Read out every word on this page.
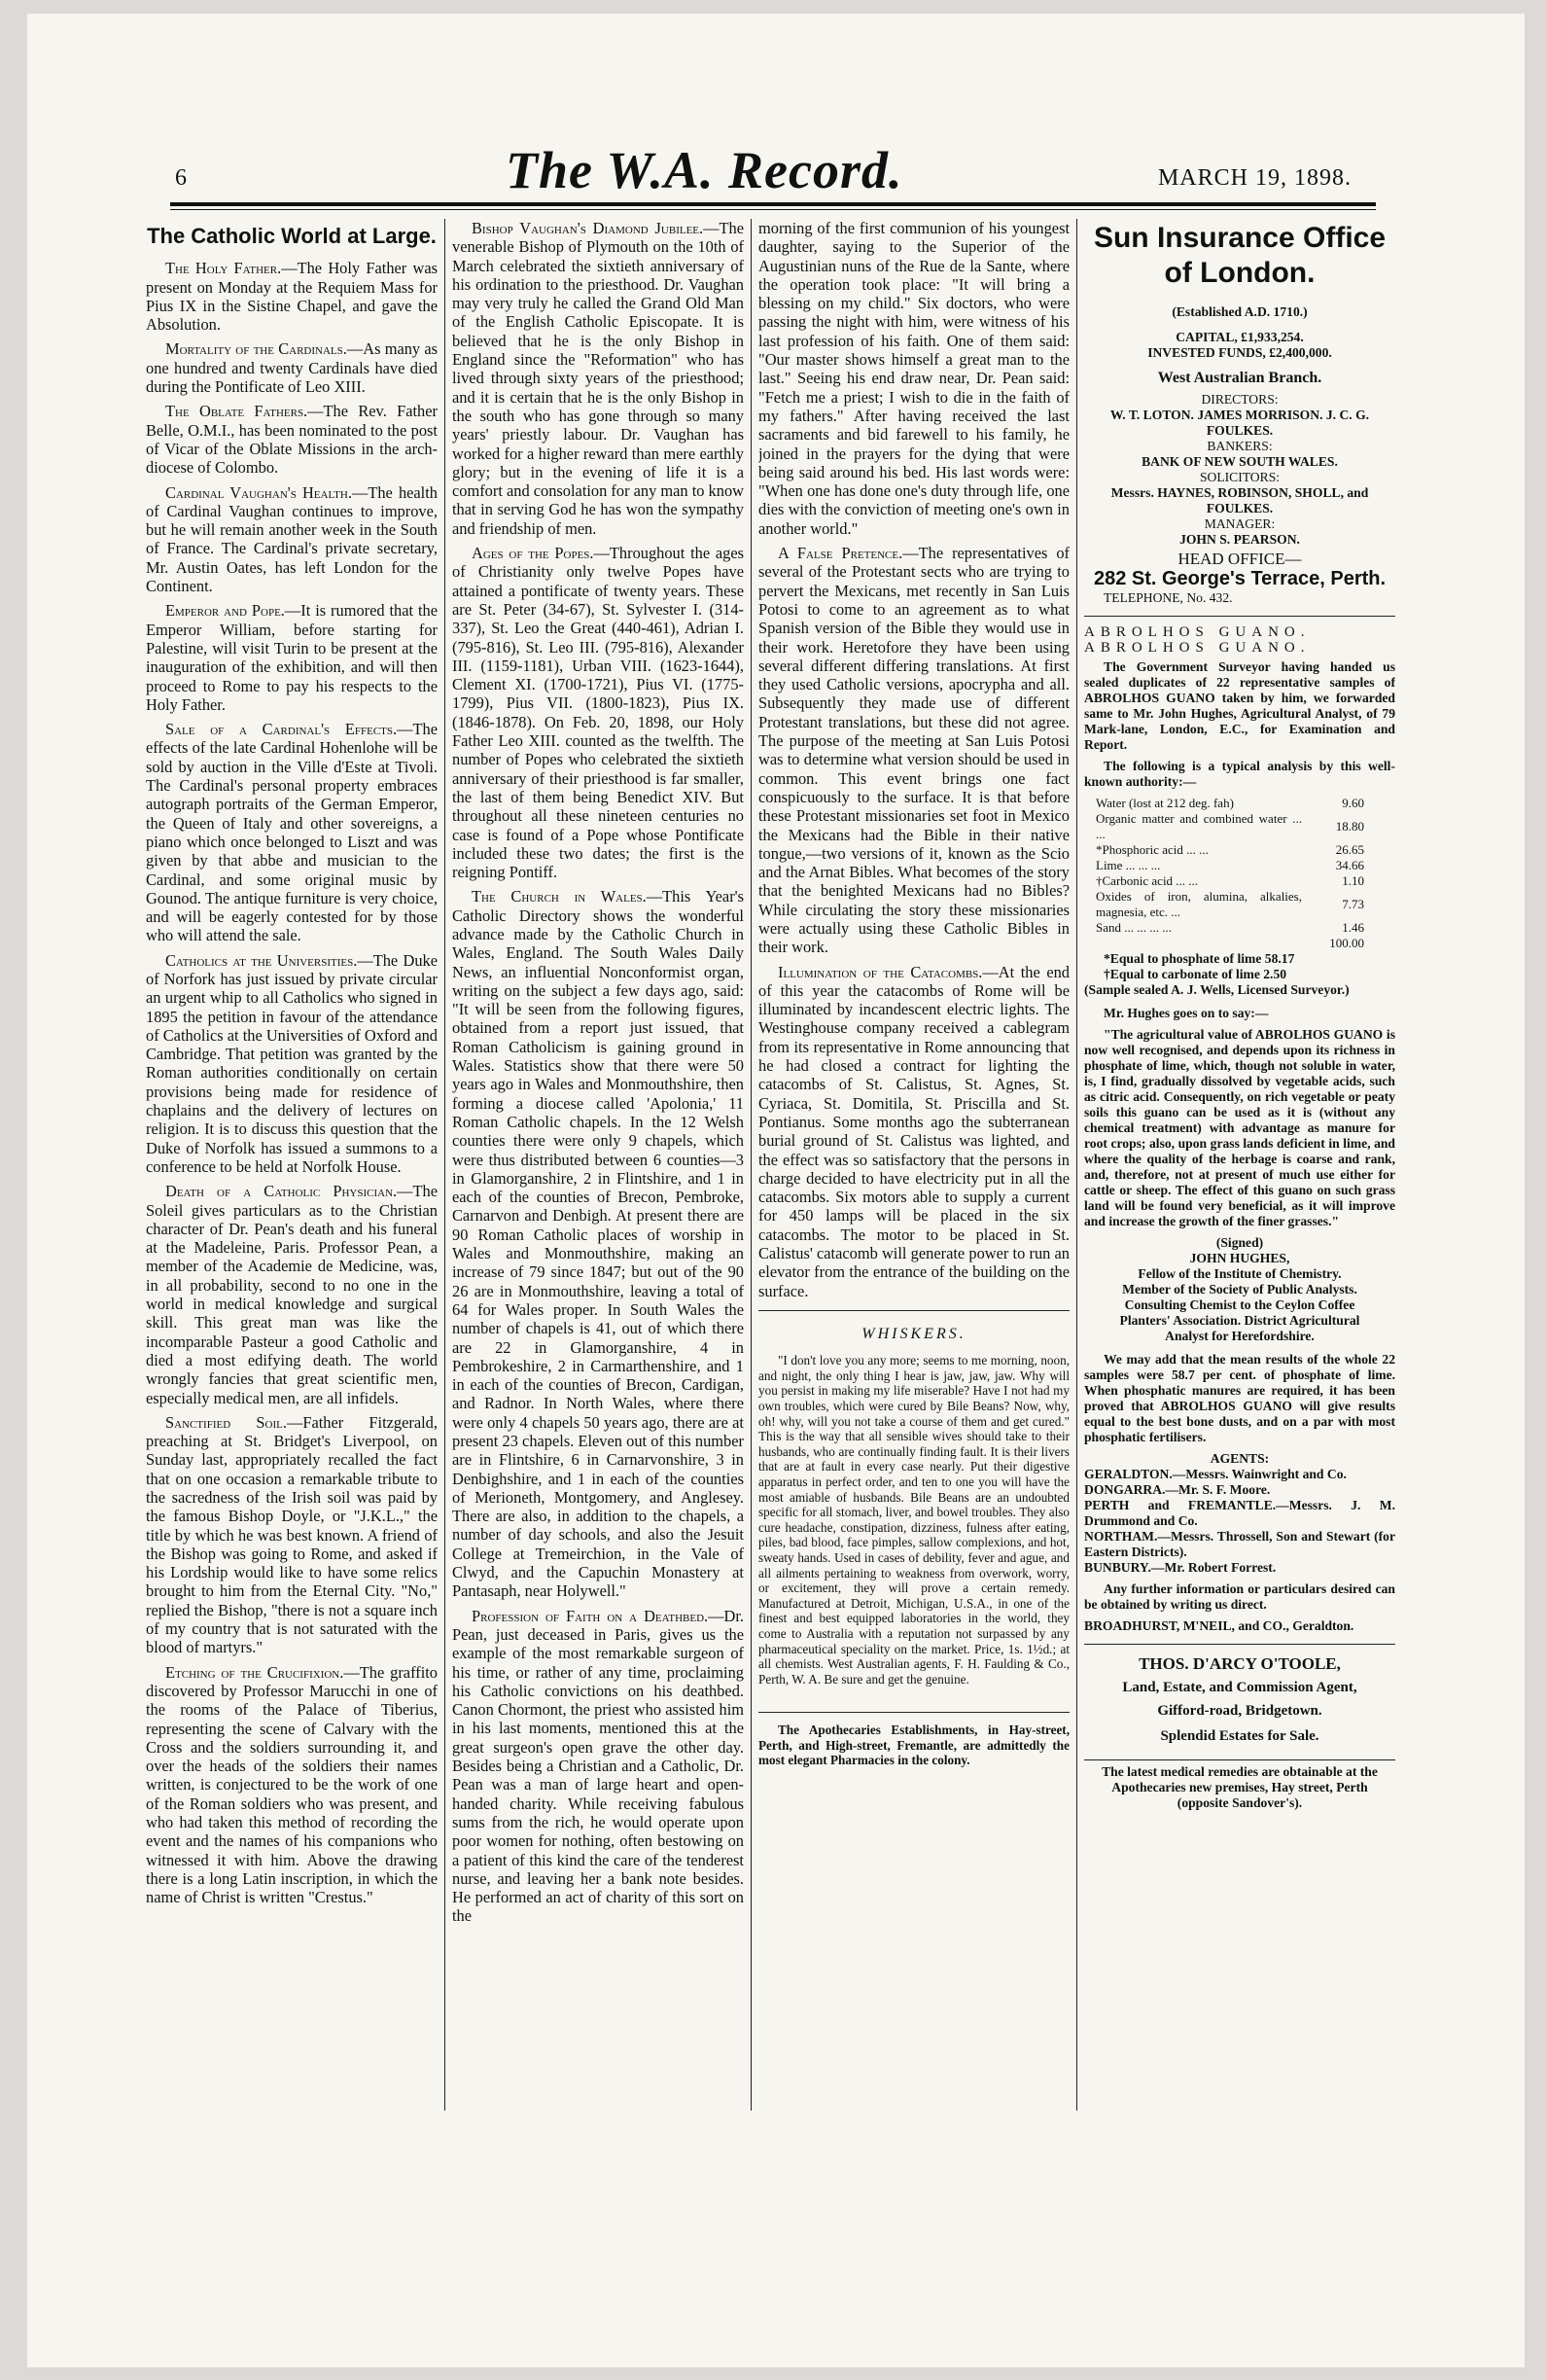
6	The W.A. Record.	MARCH 19, 1898.
The Catholic World at Large.

The Holy Father.—The Holy Father was present on Monday at the Requiem Mass for Pius IX in the Sistine Chapel, and gave the Absolution.

Mortality of the Cardinals.—As many as one hundred and twenty Cardinals have died during the Pontificate of Leo XIII.

The Oblate Fathers.—The Rev. Father Belle, O.M.I., has been nominated to the post of Vicar of the Oblate Missions in the arch-diocese of Colombo.

Cardinal Vaughan's Health.—The health of Cardinal Vaughan continues to improve, but he will remain another week in the South of France. The Cardinal's private secretary, Mr. Austin Oates, has left London for the Continent.

Emperor and Pope.—It is rumored that the Emperor William, before starting for Palestine, will visit Turin to be present at the inauguration of the exhibition, and will then proceed to Rome to pay his respects to the Holy Father.

Sale of a Cardinal's Effects.—The effects of the late Cardinal Hohenlohe will be sold by auction in the Ville d'Este at Tivoli. The Cardinal's personal property embraces autograph portraits of the German Emperor, the Queen of Italy and other sovereigns, a piano which once belonged to Liszt and was given by that abbe and musician to the Cardinal, and some original music by Gounod. The antique furniture is very choice, and will be eagerly contested for by those who will attend the sale.

Catholics at the Universities.—The Duke of Norfork has just issued by private circular an urgent whip to all Catholics who signed in 1895 the petition in favour of the attendance of Catholics at the Universities of Oxford and Cambridge. That petition was granted by the Roman authorities conditionally on certain provisions being made for residence of chaplains and the delivery of lectures on religion. It is to discuss this question that the Duke of Norfolk has issued a summons to a conference to be held at Norfolk House.

Death of a Catholic Physician.—The Soleil gives particulars as to the Christian character of Dr. Pean's death and his funeral at the Madeleine, Paris. Professor Pean, a member of the Academie de Medicine, was, in all probability, second to no one in the world in medical knowledge and surgical skill. This great man was like the incomparable Pasteur a good Catholic and died a most edifying death. The world wrongly fancies that great scientific men, especially medical men, are all infidels.

Sanctified Soil.—Father Fitzgerald, preaching at St. Bridget's Liverpool, on Sunday last, appropriately recalled the fact that on one occasion a remarkable tribute to the sacredness of the Irish soil was paid by the famous Bishop Doyle, or "J.K.L.," the title by which he was best known. A friend of the Bishop was going to Rome, and asked if his Lordship would like to have some relics brought to him from the Eternal City. "No," replied the Bishop, "there is not a square inch of my country that is not saturated with the blood of martyrs."

Etching of the Crucifixion.—The graffito discovered by Professor Marucchi in one of the rooms of the Palace of Tiberius, representing the scene of Calvary with the Cross and the soldiers surrounding it, and over the heads of the soldiers their names written, is conjectured to be the work of one of the Roman soldiers who was present, and who had taken this method of recording the event and the names of his companions who witnessed it with him. Above the drawing there is a long Latin inscription, in which the name of Christ is written "Crestus."

Bishop Vaughan's Diamond Jubilee.—The venerable Bishop of Plymouth on the 10th of March celebrated the sixtieth anniversary of his ordination to the priesthood. Dr. Vaughan may very truly he called the Grand Old Man of the English Catholic Episcopate. It is believed that he is the only Bishop in England since the "Reformation" who has lived through sixty years of the priesthood; and it is certain that he is the only Bishop in the south who has gone through so many years' priestly labour. Dr. Vaughan has worked for a higher reward than mere earthly glory; but in the evening of life it is a comfort and consolation for any man to know that in serving God he has won the sympathy and friendship of men.

Ages of the Popes.—Throughout the ages of Christianity only twelve Popes have attained a pontificate of twenty years. These are St. Peter (34-67), St. Sylvester I. (314-337), St. Leo the Great (440-461), Adrian I. (795-816), St. Leo III. (795-816), Alexander III. (1159-1181), Urban VIII. (1623-1644), Clement XI. (1700-1721), Pius VI. (1775-1799), Pius VII. (1800-1823), Pius IX. (1846-1878). On Feb. 20, 1898, our Holy Father Leo XIII. counted as the twelfth. The number of Popes who celebrated the sixtieth anniversary of their priesthood is far smaller, the last of them being Benedict XIV. But throughout all these nineteen centuries no case is found of a Pope whose Pontificate included these two dates; the first is the reigning Pontiff.

The Church in Wales.—This Year's Catholic Directory shows the wonderful advance made by the Catholic Church in Wales, England. The South Wales Daily News, an influential Nonconformist organ, writing on the subject a few days ago, said: "It will be seen from the following figures, obtained from a report just issued, that Roman Catholicism is gaining ground in Wales. Statistics show that there were 50 years ago in Wales and Monmouthshire, then forming a diocese called 'Apolonia,' 11 Roman Catholic chapels. In the 12 Welsh counties there were only 9 chapels, which were thus distributed between 6 counties—3 in Glamorganshire, 2 in Flintshire, and 1 in each of the counties of Brecon, Pembroke, Carnarvon and Denbigh. At present there are 90 Roman Catholic places of worship in Wales and Monmouthshire, making an increase of 79 since 1847; but out of the 90 26 are in Monmouthshire, leaving a total of 64 for Wales proper. In South Wales the number of chapels is 41, out of which there are 22 in Glamorganshire, 4 in Pembrokeshire, 2 in Carmarthenshire, and 1 in each of the counties of Brecon, Cardigan, and Radnor. In North Wales, where there were only 4 chapels 50 years ago, there are at present 23 chapels. Eleven out of this number are in Flintshire, 6 in Carnarvonshire, 3 in Denbighshire, and 1 in each of the counties of Merioneth, Montgomery, and Anglesey. There are also, in addition to the chapels, a number of day schools, and also the Jesuit College at Tremeirchion, in the Vale of Clwyd, and the Capuchin Monastery at Pantasaph, near Holywell."

Profession of Faith on a Deathbed.—Dr. Pean, just deceased in Paris, gives us the example of the most remarkable surgeon of his time, or rather of any time, proclaiming his Catholic convictions on his deathbed. Canon Chormont, the priest who assisted him in his last moments, mentioned this at the great surgeon's open grave the other day. Besides being a Christian and a Catholic, Dr. Pean was a man of large heart and open-handed charity. While receiving fabulous sums from the rich, he would operate upon poor women for nothing, often bestowing on a patient of this kind the care of the tenderest nurse, and leaving her a bank note besides. He performed an act of charity of this sort on the

morning of the first communion of his youngest daughter, saying to the Superior of the Augustinian nuns of the Rue de la Sante, where the operation took place: "It will bring a blessing on my child." Six doctors, who were passing the night with him, were witness of his last profession of his faith. One of them said: "Our master shows himself a great man to the last." Seeing his end draw near, Dr. Pean said: "Fetch me a priest; I wish to die in the faith of my fathers." After having received the last sacraments and bid farewell to his family, he joined in the prayers for the dying that were being said around his bed. His last words were: "When one has done one's duty through life, one dies with the conviction of meeting one's own in another world."

A False Pretence.—The representatives of several of the Protestant sects who are trying to pervert the Mexicans, met recently in San Luis Potosi to come to an agreement as to what Spanish version of the Bible they would use in their work. Heretofore they have been using several different differing translations. At first they used Catholic versions, apocrypha and all. Subsequently they made use of different Protestant translations, but these did not agree. The purpose of the meeting at San Luis Potosi was to determine what version should be used in common. This event brings one fact conspicuously to the surface. It is that before these Protestant missionaries set foot in Mexico the Mexicans had the Bible in their native tongue,—two versions of it, known as the Scio and the Arnat Bibles. What becomes of the story that the benighted Mexicans had no Bibles? While circulating the story these missionaries were actually using these Catholic Bibles in their work.

Illumination of the Catacombs.—At the end of this year the catacombs of Rome will be illuminated by incandescent electric lights. The Westinghouse company received a cablegram from its representative in Rome announcing that he had closed a contract for lighting the catacombs of St. Calistus, St. Agnes, St. Cyriaca, St. Domitila, St. Priscilla and St. Pontianus. Some months ago the subterranean burial ground of St. Calistus was lighted, and the effect was so satisfactory that the persons in charge decided to have electricity put in all the catacombs. Six motors able to supply a current for 450 lamps will be placed in the six catacombs. The motor to be placed in St. Calistus' catacomb will generate power to run an elevator from the entrance of the building on the surface.

WHISKERS.

"I don't love you any more; seems to me morning, noon, and night, the only thing I hear is jaw, jaw, jaw. Why will you persist in making my life miserable? Have I not had my own troubles, which were cured by Bile Beans? Now, why, oh! why, will you not take a course of them and get cured." This is the way that all sensible wives should take to their husbands, who are continually finding fault. It is their livers that are at fault in every case nearly. Put their digestive apparatus in perfect order, and ten to one you will have the most amiable of husbands. Bile Beans are an undoubted specific for all stomach, liver, and bowel troubles. They also cure headache, constipation, dizziness, fulness after eating, piles, bad blood, face pimples, sallow complexions, and hot, sweaty hands. Used in cases of debility, fever and ague, and all ailments pertaining to weakness from overwork, worry, or excitement, they will prove a certain remedy. Manufactured at Detroit, Michigan, U.S.A., in one of the finest and best equipped laboratories in the world, they come to Australia with a reputation not surpassed by any pharmaceutical speciality on the market. Price, 1s. 1½d.; at all chemists. West Australian agents, F. H. Faulding & Co., Perth, W. A. Be sure and get the genuine.

The Apothecaries Establishments, in Hay-street, Perth, and High-street, Fremantle, are admittedly the most elegant Pharmacies in the colony.

Sun Insurance Office of London.
(Established A.D. 1710.)
CAPITAL, £1,933,254.
INVESTED FUNDS, £2,400,000.
West Australian Branch.
DIRECTORS:
W. T. LOTON. JAMES MORRISON. J. C. G. FOULKES.
BANKERS:
BANK OF NEW SOUTH WALES.
SOLICITORS:
Messrs. HAYNES, ROBINSON, SHOLL, and FOULKES.
MANAGER:
JOHN S. PEARSON.
HEAD OFFICE—
282 St. George's Terrace, Perth.
TELEPHONE, No. 432.
ABROLHOS GUANO.
ABROLHOS GUANO.

The Government Surveyor having handed us sealed duplicates of 22 representative samples of ABROLHOS GUANO taken by him, we forwarded same to Mr. John Hughes, Agricultural Analyst, of 79 Mark-lane, London, E.C., for Examination and Report.

The following is a typical analysis by this well-known authority:—

Water (lost at 212 deg. fah)	9.60
Organic matter and combined water ... ...	18.80
*Phosphoric acid ... ...	26.65
Lime ... ... ...	34.66
†Carbonic acid ... ...	1.10
Oxides of iron, alumina, alkalies, magnesia, etc. ...	7.73
Sand ... ... ... ...	1.46
	100.00
*Equal to phosphate of lime 58.17
†Equal to carbonate of lime 2.50
(Sample sealed A. J. Wells, Licensed Surveyor.)

Mr. Hughes goes on to say:—

"The agricultural value of ABROLHOS GUANO is now well recognised, and depends upon its richness in phosphate of lime, which, though not soluble in water, is, I find, gradually dissolved by vegetable acids, such as citric acid. Consequently, on rich vegetable or peaty soils this guano can be used as it is (without any chemical treatment) with advantage as manure for root crops; also, upon grass lands deficient in lime, and where the quality of the herbage is coarse and rank, and, therefore, not at present of much use either for cattle or sheep. The effect of this guano on such grass land will be found very beneficial, as it will improve and increase the growth of the finer grasses."

(Signed)
JOHN HUGHES,
Fellow of the Institute of Chemistry. Member of the Society of Public Analysts. Consulting Chemist to the Ceylon Coffee Planters' Association. District Agricultural Analyst for Herefordshire.

We may add that the mean results of the whole 22 samples were 58.7 per cent. of phosphate of lime. When phosphatic manures are required, it has been proved that ABROLHOS GUANO will give results equal to the best bone dusts, and on a par with most phosphatic fertilisers.

AGENTS:
GERALDTON.—Messrs. Wainwright and Co.
DONGARRA.—Mr. S. F. Moore.
PERTH and FREMANTLE.—Messrs. J. M. Drummond and Co.
NORTHAM.—Messrs. Throssell, Son and Stewart (for Eastern Districts).
BUNBURY.—Mr. Robert Forrest.

Any further information or particulars desired can be obtained by writing us direct.

BROADHURST, M'NEIL, and CO., Geraldton.
THOS. D'ARCY O'TOOLE,
Land, Estate, and Commission Agent,
Gifford-road, Bridgetown.
Splendid Estates for Sale.
The latest medical remedies are obtainable at the Apothecaries new premises, Hay street, Perth (opposite Sandover's).
